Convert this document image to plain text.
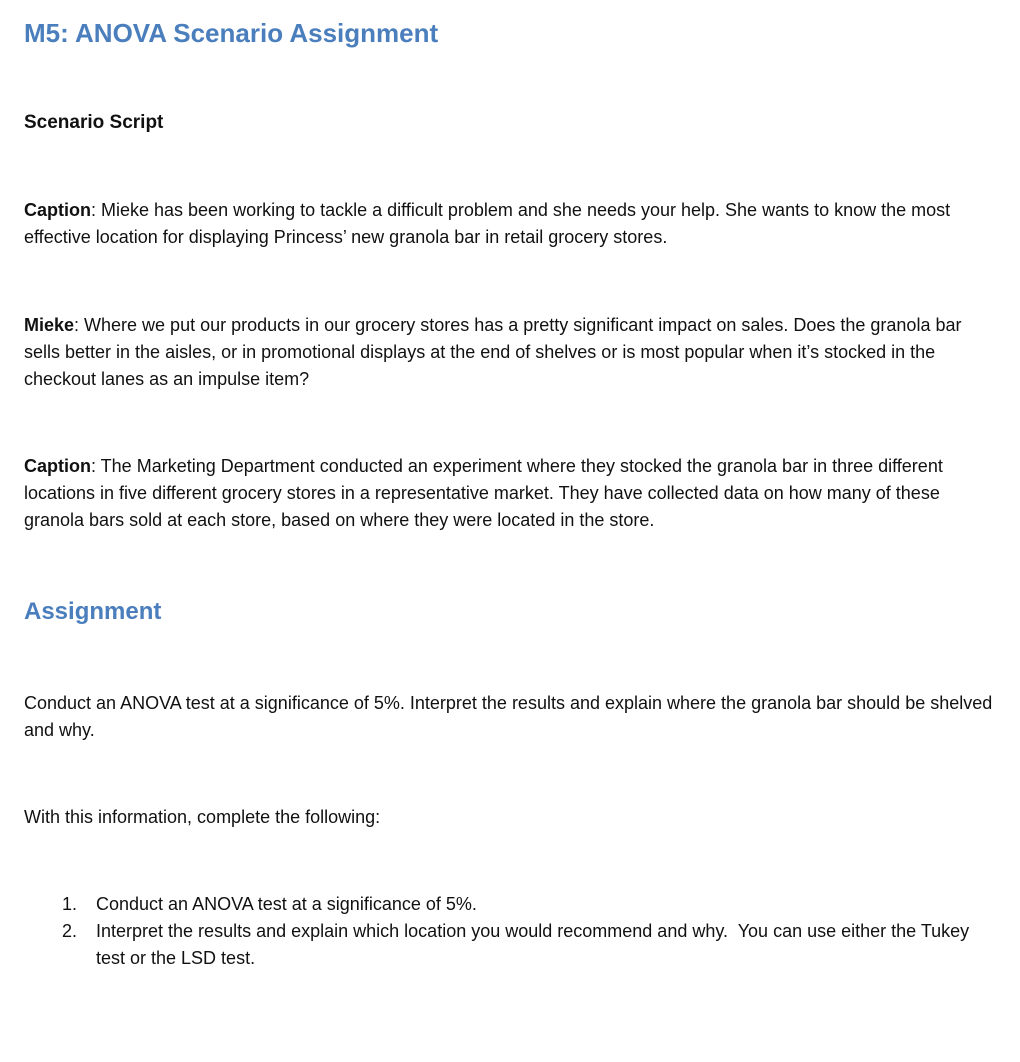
M5: ANOVA Scenario Assignment
Scenario Script

Caption: Mieke has been working to tackle a difficult problem and she needs your help. She wants to know the most effective location for displaying Princess’ new granola bar in retail grocery stores.

Mieke: Where we put our products in our grocery stores has a pretty significant impact on sales. Does the granola bar sells better in the aisles, or in promotional displays at the end of shelves or is most popular when it’s stocked in the checkout lanes as an impulse item?

Caption: The Marketing Department conducted an experiment where they stocked the granola bar in three different locations in five different grocery stores in a representative market. They have collected data on how many of these granola bars sold at each store, based on where they were located in the store.

Assignment

Conduct an ANOVA test at a significance of 5%. Interpret the results and explain where the granola bar should be shelved and why.

With this information, complete the following:

1.	Conduct an ANOVA test at a significance of 5%.
2.	Interpret the results and explain which location you would recommend and why.  You can use either the Tukey test or the LSD test.
